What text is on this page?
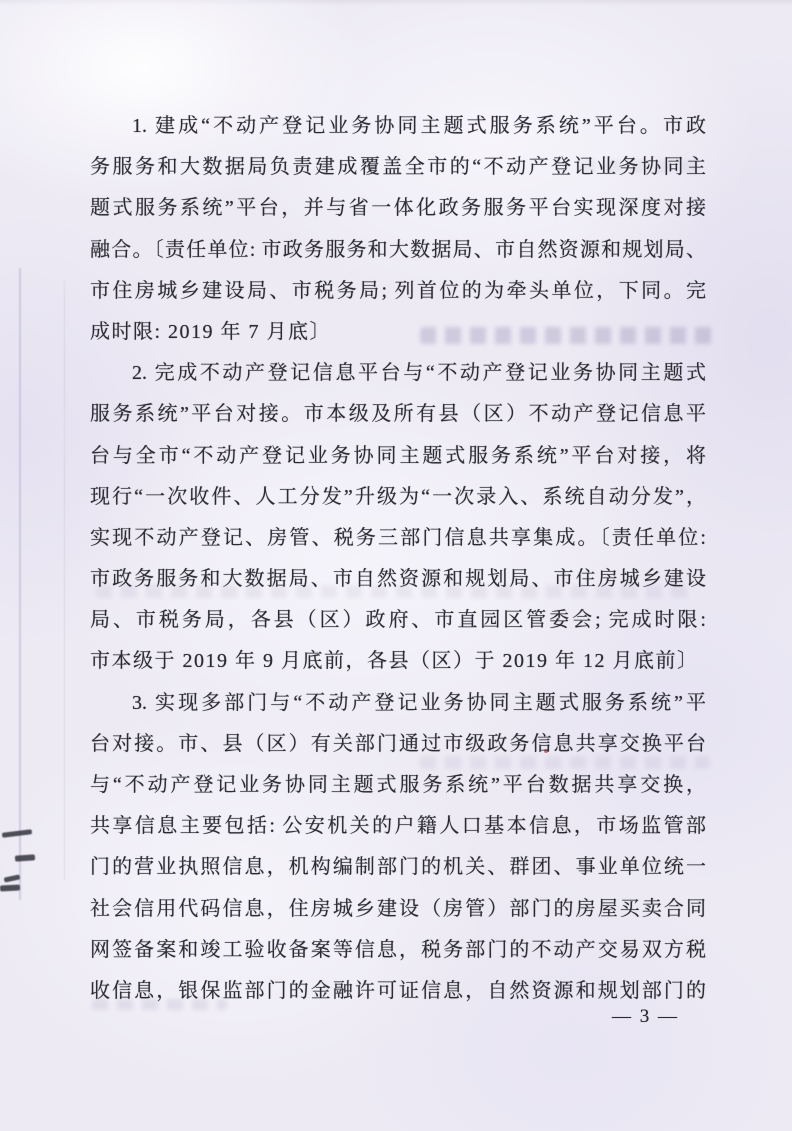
1. 建成“不动产登记业务协同主题式服务系统”平台。市政
务服务和大数据局负责建成覆盖全市的“不动产登记业务协同主
题式服务系统”平台，并与省一体化政务服务平台实现深度对接
融合。〔责任单位: 市政务服务和大数据局、市自然资源和规划局、
市住房城乡建设局、市税务局; 列首位的为牵头单位，下同。完
成时限: 2019 年 7 月底〕
2. 完成不动产登记信息平台与“不动产登记业务协同主题式
服务系统”平台对接。市本级及所有县（区）不动产登记信息平
台与全市“不动产登记业务协同主题式服务系统”平台对接，将
现行“一次收件、人工分发”升级为“一次录入、系统自动分发”，
实现不动产登记、房管、税务三部门信息共享集成。〔责任单位:
市政务服务和大数据局、市自然资源和规划局、市住房城乡建设
局、市税务局，各县（区）政府、市直园区管委会; 完成时限:
市本级于 2019 年 9 月底前，各县（区）于 2019 年 12 月底前〕
3. 实现多部门与“不动产登记业务协同主题式服务系统”平
台对接。市、县（区）有关部门通过市级政务信息共享交换平台
与“不动产登记业务协同主题式服务系统”平台数据共享交换，
共享信息主要包括: 公安机关的户籍人口基本信息，市场监管部
门的营业执照信息，机构编制部门的机关、群团、事业单位统一
社会信用代码信息，住房城乡建设（房管）部门的房屋买卖合同
网签备案和竣工验收备案等信息，税务部门的不动产交易双方税
收信息，银保监部门的金融许可证信息，自然资源和规划部门的
— 3 —
